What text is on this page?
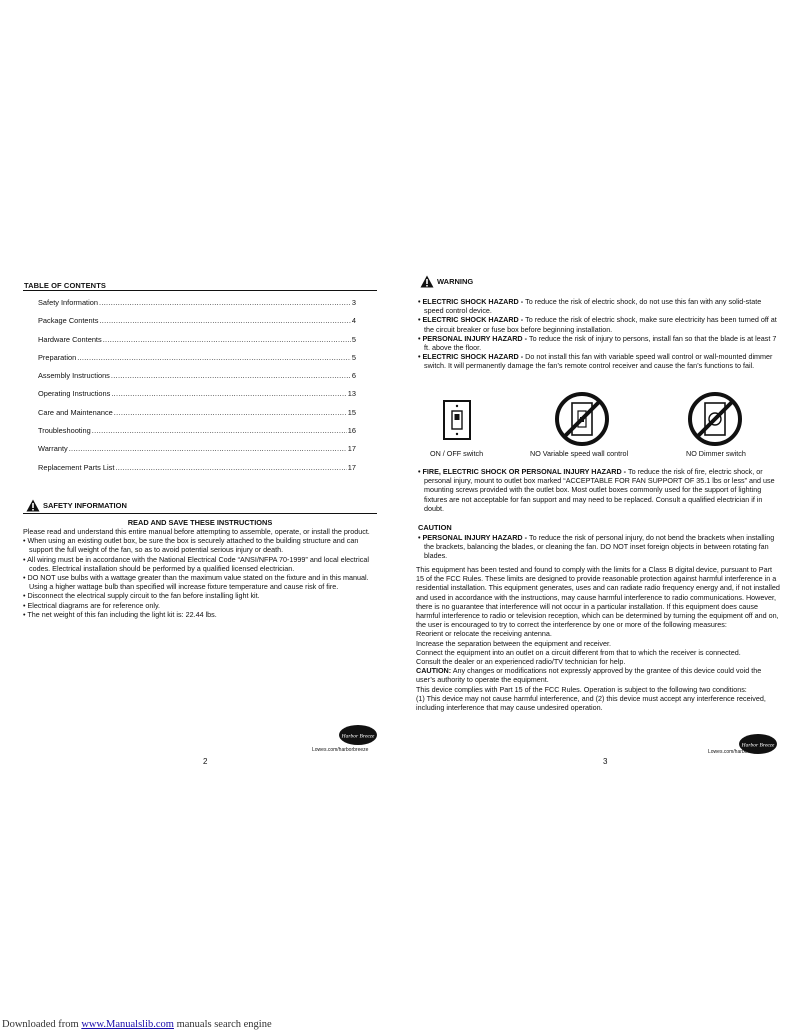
TABLE OF CONTENTS
Safety Information .....	3
Package Contents .....	4
Hardware Contents .....	5
Preparation .....	5
Assembly Instructions .....	6
Operating Instructions .....	13
Care and Maintenance .....	15
Troubleshooting .....	16
Warranty .....	17
Replacement Parts List .....	17
SAFETY INFORMATION
READ AND SAVE THESE INSTRUCTIONS

Please read and understand this entire manual before attempting to assemble, operate, or install the product.

• When using an existing outlet box, be sure the box is securely attached to the building structure and can support the full weight of the fan, so as to avoid potential serious injury or death.

• All wiring must be in accordance with the National Electrical Code “ANSI/NFPA 70-1999” and local electrical codes. Electrical installation should be performed by a qualified licensed electrician.

• DO NOT use bulbs with a wattage greater than the maximum value stated on the fixture and in this manual. Using a higher wattage bulb than specified will increase fixture temperature and cause risk of fire.

• Disconnect the electrical supply circuit to the fan before installing light kit.

• Electrical diagrams are for reference only.

• The net weight of this fan including the light kit is: 22.44 lbs.

Harbor Breeze
Lowes.com/harborbreeze
2
WARNING

• ELECTRIC SHOCK HAZARD - To reduce the risk of electric shock, do not use this fan with any solid-state speed control device.

• ELECTRIC SHOCK HAZARD - To reduce the risk of electric shock, make sure electricity has been turned off at the circuit breaker or fuse box before beginning installation.

• PERSONAL INJURY HAZARD - To reduce the risk of injury to persons, install fan so that the blade is at least 7 ft. above the floor.

• ELECTRIC SHOCK HAZARD - Do not install this fan with variable speed wall control or wall-mounted dimmer switch. It will permanently damage the fan’s remote control receiver and cause the fan’s functions to fail.

ON / OFF switch	NO Variable speed wall control	NO Dimmer switch

• FIRE, ELECTRIC SHOCK OR PERSONAL INJURY HAZARD - To reduce the risk of fire, electric shock, or personal injury, mount to outlet box marked “ACCEPTABLE FOR FAN SUPPORT OF 35.1 lbs or less” and use mounting screws provided with the outlet box. Most outlet boxes commonly used for the support of lighting fixtures are not acceptable for fan support and may need to be replaced. Consult a qualified electrician if in doubt.

CAUTION

• PERSONAL INJURY HAZARD - To reduce the risk of personal injury, do not bend the brackets when installing the brackets, balancing the blades, or cleaning the fan. DO NOT inset foreign objects in between rotating fan blades.

This equipment has been tested and found to comply with the limits for a Class B digital device, pursuant to Part 15 of the FCC Rules. These limits are designed to provide reasonable protection against harmful interference in a residential installation. This equipment generates, uses and can radiate radio frequency energy and, if not installed and used in accordance with the instructions, may cause harmful interference to radio communications. However, there is no guarantee that interference will not occur in a particular installation. If this equipment does cause harmful interference to radio or television reception, which can be determined by turning the equipment off and on, the user is encouraged to try to correct the interference by one or more of the following measures:

Reorient or relocate the receiving antenna.

Increase the separation between the equipment and receiver.

Connect the equipment into an outlet on a circuit different from that to which the receiver is connected.

Consult the dealer or an experienced radio/TV technician for help.

CAUTION: Any changes or modifications not expressly approved by the grantee of this device could void the user’s authority to operate the equipment.

This device complies with Part 15 of the FCC Rules. Operation is subject to the following two conditions:

(1) This device may not cause harmful interference, and (2) this device must accept any interference received, including interference that may cause undesired operation.

Harbor Breeze
Lowes.com/harborbreeze
3
Downloaded from www.Manualslib.com manuals search engine
